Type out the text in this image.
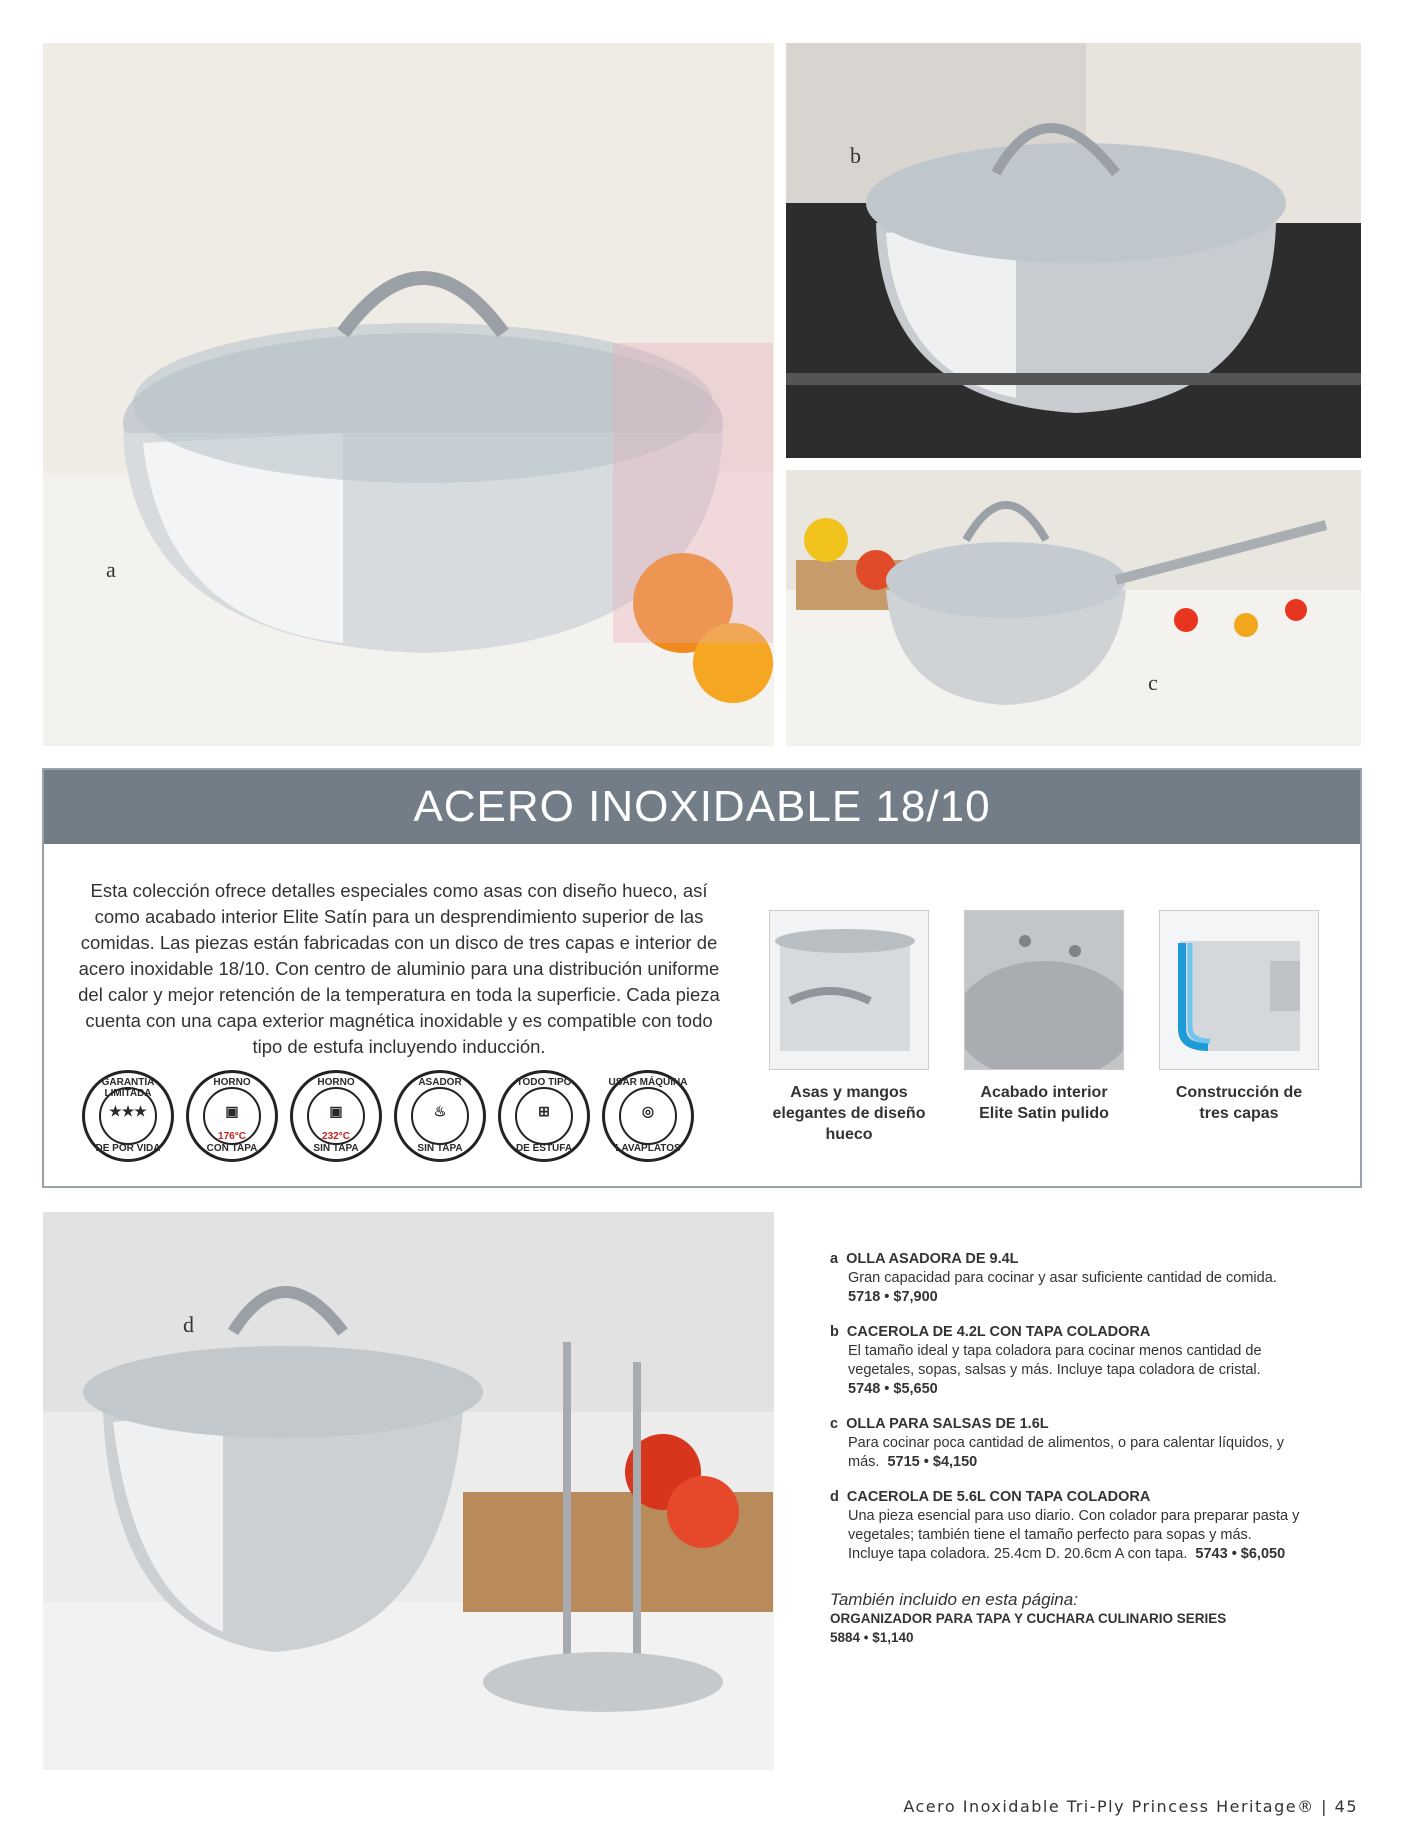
a
b
c
ACERO INOXIDABLE 18/10
Esta colección ofrece detalles especiales como asas con diseño hueco, así como acabado interior Elite Satín para un desprendimiento superior de las comidas. Las piezas están fabricadas con un disco de tres capas e interior de acero inoxidable 18/10. Con centro de aluminio para una distribución uniforme del calor y mejor retención de la temperatura en toda la superficie. Cada pieza cuenta con una capa exterior magnética inoxidable y es compatible con todo tipo de estufa incluyendo inducción.
GARANTÍA LIMITADA
★★★
DE POR VIDA
HORNO
▣
176°C
CON TAPA
HORNO
▣
232°C
SIN TAPA
ASADOR
♨
SIN TAPA
TODO TIPO
⊞
DE ESTUFA
USAR MÁQUINA
◎
LAVAPLATOS
Asas y mangos elegantes de diseño hueco
Acabado interior Elite Satin pulido
Construcción de tres capas
d
a OLLA ASADORA DE 9.4L
Gran capacidad para cocinar y asar suficiente cantidad de comida.  5718 • $7,900
b CACEROLA DE 4.2L CON TAPA COLADORA
El tamaño ideal y tapa coladora para cocinar menos cantidad de vegetales, sopas, salsas y más. Incluye tapa coladora de cristal.  5748 • $5,650
c OLLA PARA SALSAS DE 1.6L
Para cocinar poca cantidad de alimentos, o para calentar líquidos, y más. 5715 • $4,150
d CACEROLA DE 5.6L CON TAPA COLADORA
Una pieza esencial para uso diario. Con colador para preparar pasta y vegetales; también tiene el tamaño perfecto para sopas y más. Incluye tapa coladora. 25.4cm D. 20.6cm A con tapa. 5743 • $6,050
También incluido en esta página:
ORGANIZADOR PARA TAPA Y CUCHARA CULINARIO SERIES
5884 • $1,140
Acero Inoxidable Tri-Ply Princess Heritage® | 45
